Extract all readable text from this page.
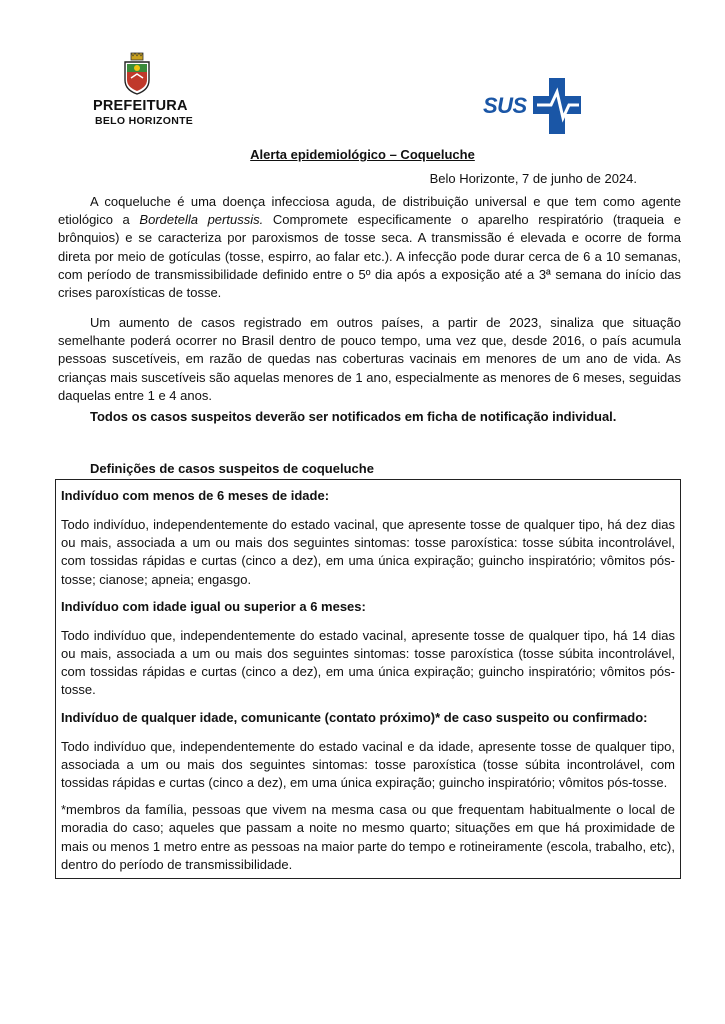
PREFEITURA
BELO HORIZONTE
SUS
Alerta epidemiológico – Coqueluche
Belo Horizonte, 7 de junho de 2024.

A coqueluche é uma doença infecciosa aguda, de distribuição universal e que tem como agente etiológico a Bordetella pertussis. Compromete especificamente o aparelho respiratório (traqueia e brônquios) e se caracteriza por paroxismos de tosse seca. A transmissão é elevada e ocorre de forma direta por meio de gotículas (tosse, espirro, ao falar etc.). A infecção pode durar cerca de 6 a 10 semanas, com período de transmissibilidade definido entre o 5º dia após a exposição até a 3ª semana do início das crises paroxísticas de tosse.

Um aumento de casos registrado em outros países, a partir de 2023, sinaliza que situação semelhante poderá ocorrer no Brasil dentro de pouco tempo, uma vez que, desde 2016, o país acumula pessoas suscetíveis, em razão de quedas nas coberturas vacinais em menores de um ano de vida. As crianças mais suscetíveis são aquelas menores de 1 ano, especialmente as menores de 6 meses, seguidas daquelas entre 1 e 4 anos.

Todos os casos suspeitos deverão ser notificados em ficha de notificação individual.

Definições de casos suspeitos de coqueluche

Indivíduo com menos de 6 meses de idade:

Todo indivíduo, independentemente do estado vacinal, que apresente tosse de qualquer tipo, há dez dias ou mais, associada a um ou mais dos seguintes sintomas: tosse paroxística: tosse súbita incontrolável, com tossidas rápidas e curtas (cinco a dez), em uma única expiração; guincho inspiratório; vômitos pós-tosse; cianose; apneia; engasgo.

Indivíduo com idade igual ou superior a 6 meses:

Todo indivíduo que, independentemente do estado vacinal, apresente tosse de qualquer tipo, há 14 dias ou mais, associada a um ou mais dos seguintes sintomas: tosse paroxística (tosse súbita incontrolável, com tossidas rápidas e curtas (cinco a dez), em uma única expiração; guincho inspiratório; vômitos pós-tosse.

Indivíduo de qualquer idade, comunicante (contato próximo)* de caso suspeito ou confirmado:

Todo indivíduo que, independentemente do estado vacinal e da idade, apresente tosse de qualquer tipo, associada a um ou mais dos seguintes sintomas: tosse paroxística (tosse súbita incontrolável, com tossidas rápidas e curtas (cinco a dez), em uma única expiração; guincho inspiratório; vômitos pós-tosse.

*membros da família, pessoas que vivem na mesma casa ou que frequentam habitualmente o local de moradia do caso; aqueles que passam a noite no mesmo quarto; situações em que há proximidade de mais ou menos 1 metro entre as pessoas na maior parte do tempo e rotineiramente (escola, trabalho, etc), dentro do período de transmissibilidade.
